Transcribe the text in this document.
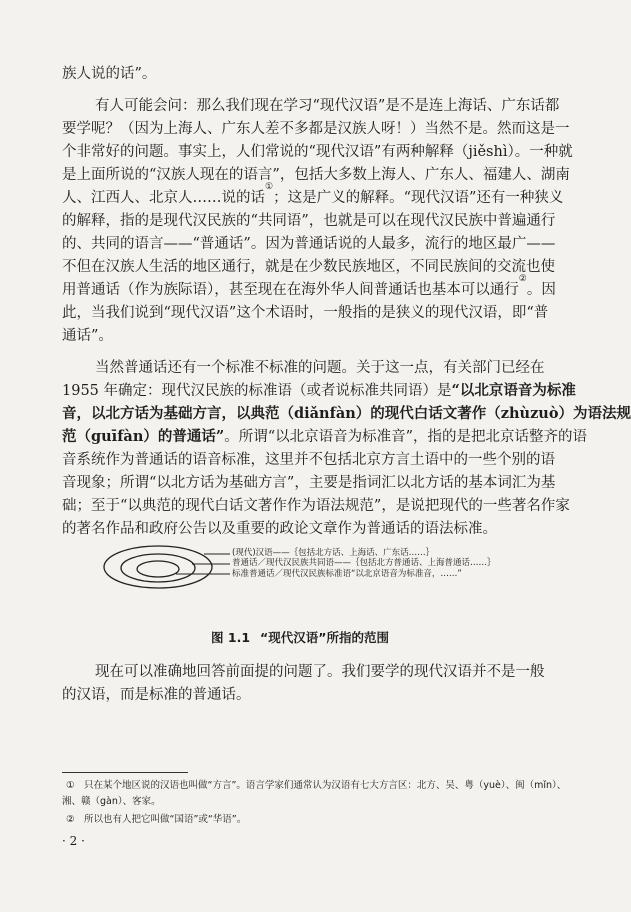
族人说的话”。
有人可能会问：那么我们现在学习“现代汉语”是不是连上海话、广东话都
要学呢？（因为上海人、广东人差不多都是汉族人呀！）当然不是。然而这是一
个非常好的问题。事实上，人们常说的“现代汉语”有两种解释（jiěshì）。一种就
是上面所说的“汉族人现在的语言”，包括大多数上海人、广东人、福建人、湖南
人、江西人、北京人……说的话①；这是广义的解释。“现代汉语”还有一种狭义
的解释，指的是现代汉民族的“共同语”，也就是可以在现代汉民族中普遍通行
的、共同的语言——“普通话”。因为普通话说的人最多，流行的地区最广——
不但在汉族人生活的地区通行，就是在少数民族地区，不同民族间的交流也使
用普通话（作为族际语），甚至现在在海外华人间普通话也基本可以通行②。因
此，当我们说到“现代汉语”这个术语时，一般指的是狭义的现代汉语，即“普
通话”。
当然普通话还有一个标准不标准的问题。关于这一点，有关部门已经在
1955 年确定：现代汉民族的标准语（或者说标准共同语）是“以北京语音为标准
音，以北方话为基础方言，以典范（diǎnfàn）的现代白话文著作（zhùzuò）为语法规
范（guīfàn）的普通话”。所谓“以北京语音为标准音”，指的是把北京话整齐的语
音系统作为普通话的语音标准，这里并不包括北京方言土语中的一些个别的语
音现象；所谓“以北方话为基础方言”，主要是指词汇以北方话的基本词汇为基
础；至于“以典范的现代白话文著作作为语法规范”，是说把现代的一些著名作家
的著名作品和政府公告以及重要的政论文章作为普通话的语法标准。
(现代)汉语——｛包括北方话、上海话、广东话……｝
普通话／现代汉民族共同语——｛包括北方普通话、上海普通话……｝
标准普通话／现代汉民族标准语“以北京语音为标准音，……”
图 1.1 “现代汉语”所指的范围
现在可以准确地回答前面提的问题了。我们要学的现代汉语并不是一般
的汉语，而是标准的普通话。
①　只在某个地区说的汉语也叫做“方言”。语言学家们通常认为汉语有七大方言区：北方、吴、粤（yuè）、闽（mǐn）、
湘、赣（gàn）、客家。
②　所以也有人把它叫做“国语”或“华语”。
· 2 ·
